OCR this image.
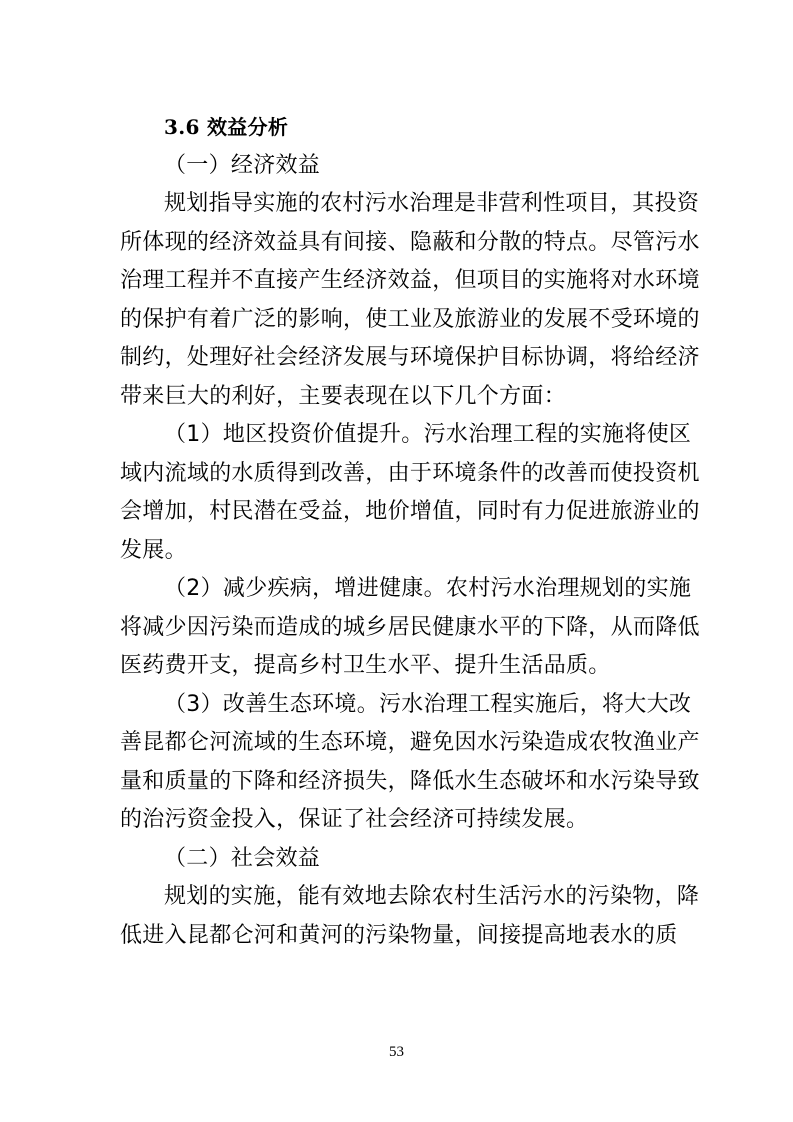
3.6 效益分析
（一）经济效益
规划指导实施的农村污水治理是非营利性项目，其投资
所体现的经济效益具有间接、隐蔽和分散的特点。尽管污水
治理工程并不直接产生经济效益，但项目的实施将对水环境
的保护有着广泛的影响，使工业及旅游业的发展不受环境的
制约，处理好社会经济发展与环境保护目标协调，将给经济
带来巨大的利好，主要表现在以下几个方面：
（1）地区投资价值提升。污水治理工程的实施将使区
域内流域的水质得到改善，由于环境条件的改善而使投资机
会增加，村民潜在受益，地价增值，同时有力促进旅游业的
发展。
（2）减少疾病，增进健康。农村污水治理规划的实施
将减少因污染而造成的城乡居民健康水平的下降，从而降低
医药费开支，提高乡村卫生水平、提升生活品质。
（3）改善生态环境。污水治理工程实施后，将大大改
善昆都仑河流域的生态环境，避免因水污染造成农牧渔业产
量和质量的下降和经济损失，降低水生态破坏和水污染导致
的治污资金投入，保证了社会经济可持续发展。
（二）社会效益
规划的实施，能有效地去除农村生活污水的污染物，降
低进入昆都仑河和黄河的污染物量，间接提高地表水的质
53
